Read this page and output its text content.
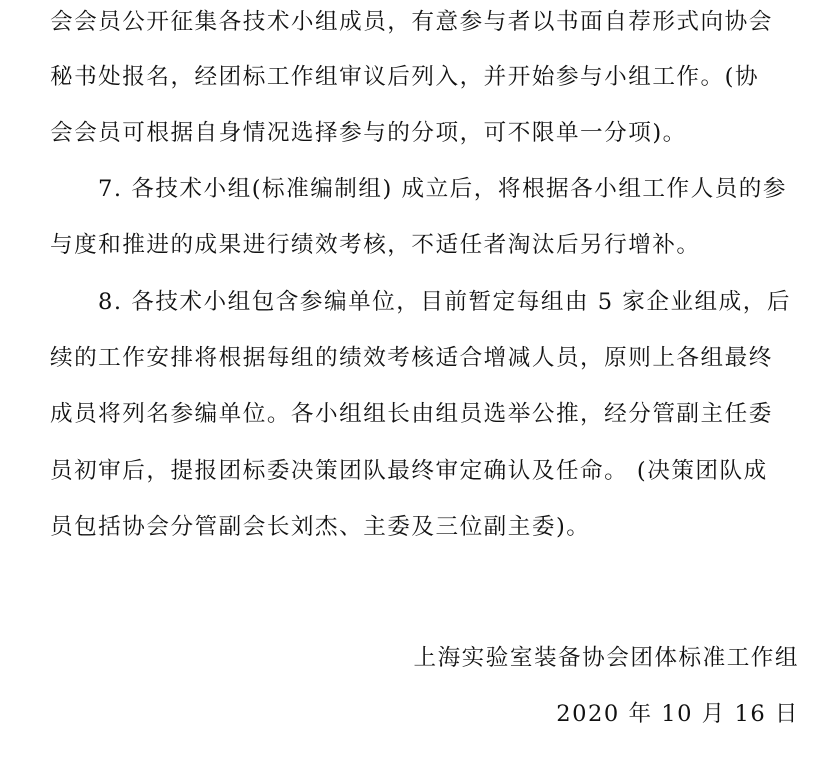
会会员公开征集各技术小组成员，有意参与者以书面自荐形式向协会
秘书处报名，经团标工作组审议后列入，并开始参与小组工作。(协
会会员可根据自身情况选择参与的分项，可不限单一分项)。
7. 各技术小组(标准编制组) 成立后，将根据各小组工作人员的参
与度和推进的成果进行绩效考核，不适任者淘汰后另行增补。
8. 各技术小组包含参编单位，目前暂定每组由 5 家企业组成，后
续的工作安排将根据每组的绩效考核适合增减人员，原则上各组最终
成员将列名参编单位。各小组组长由组员选举公推，经分管副主任委
员初审后，提报团标委决策团队最终审定确认及任命。 (决策团队成
员包括协会分管副会长刘杰、主委及三位副主委)。
上海实验室装备协会团体标准工作组
2020 年 10 月 16 日
